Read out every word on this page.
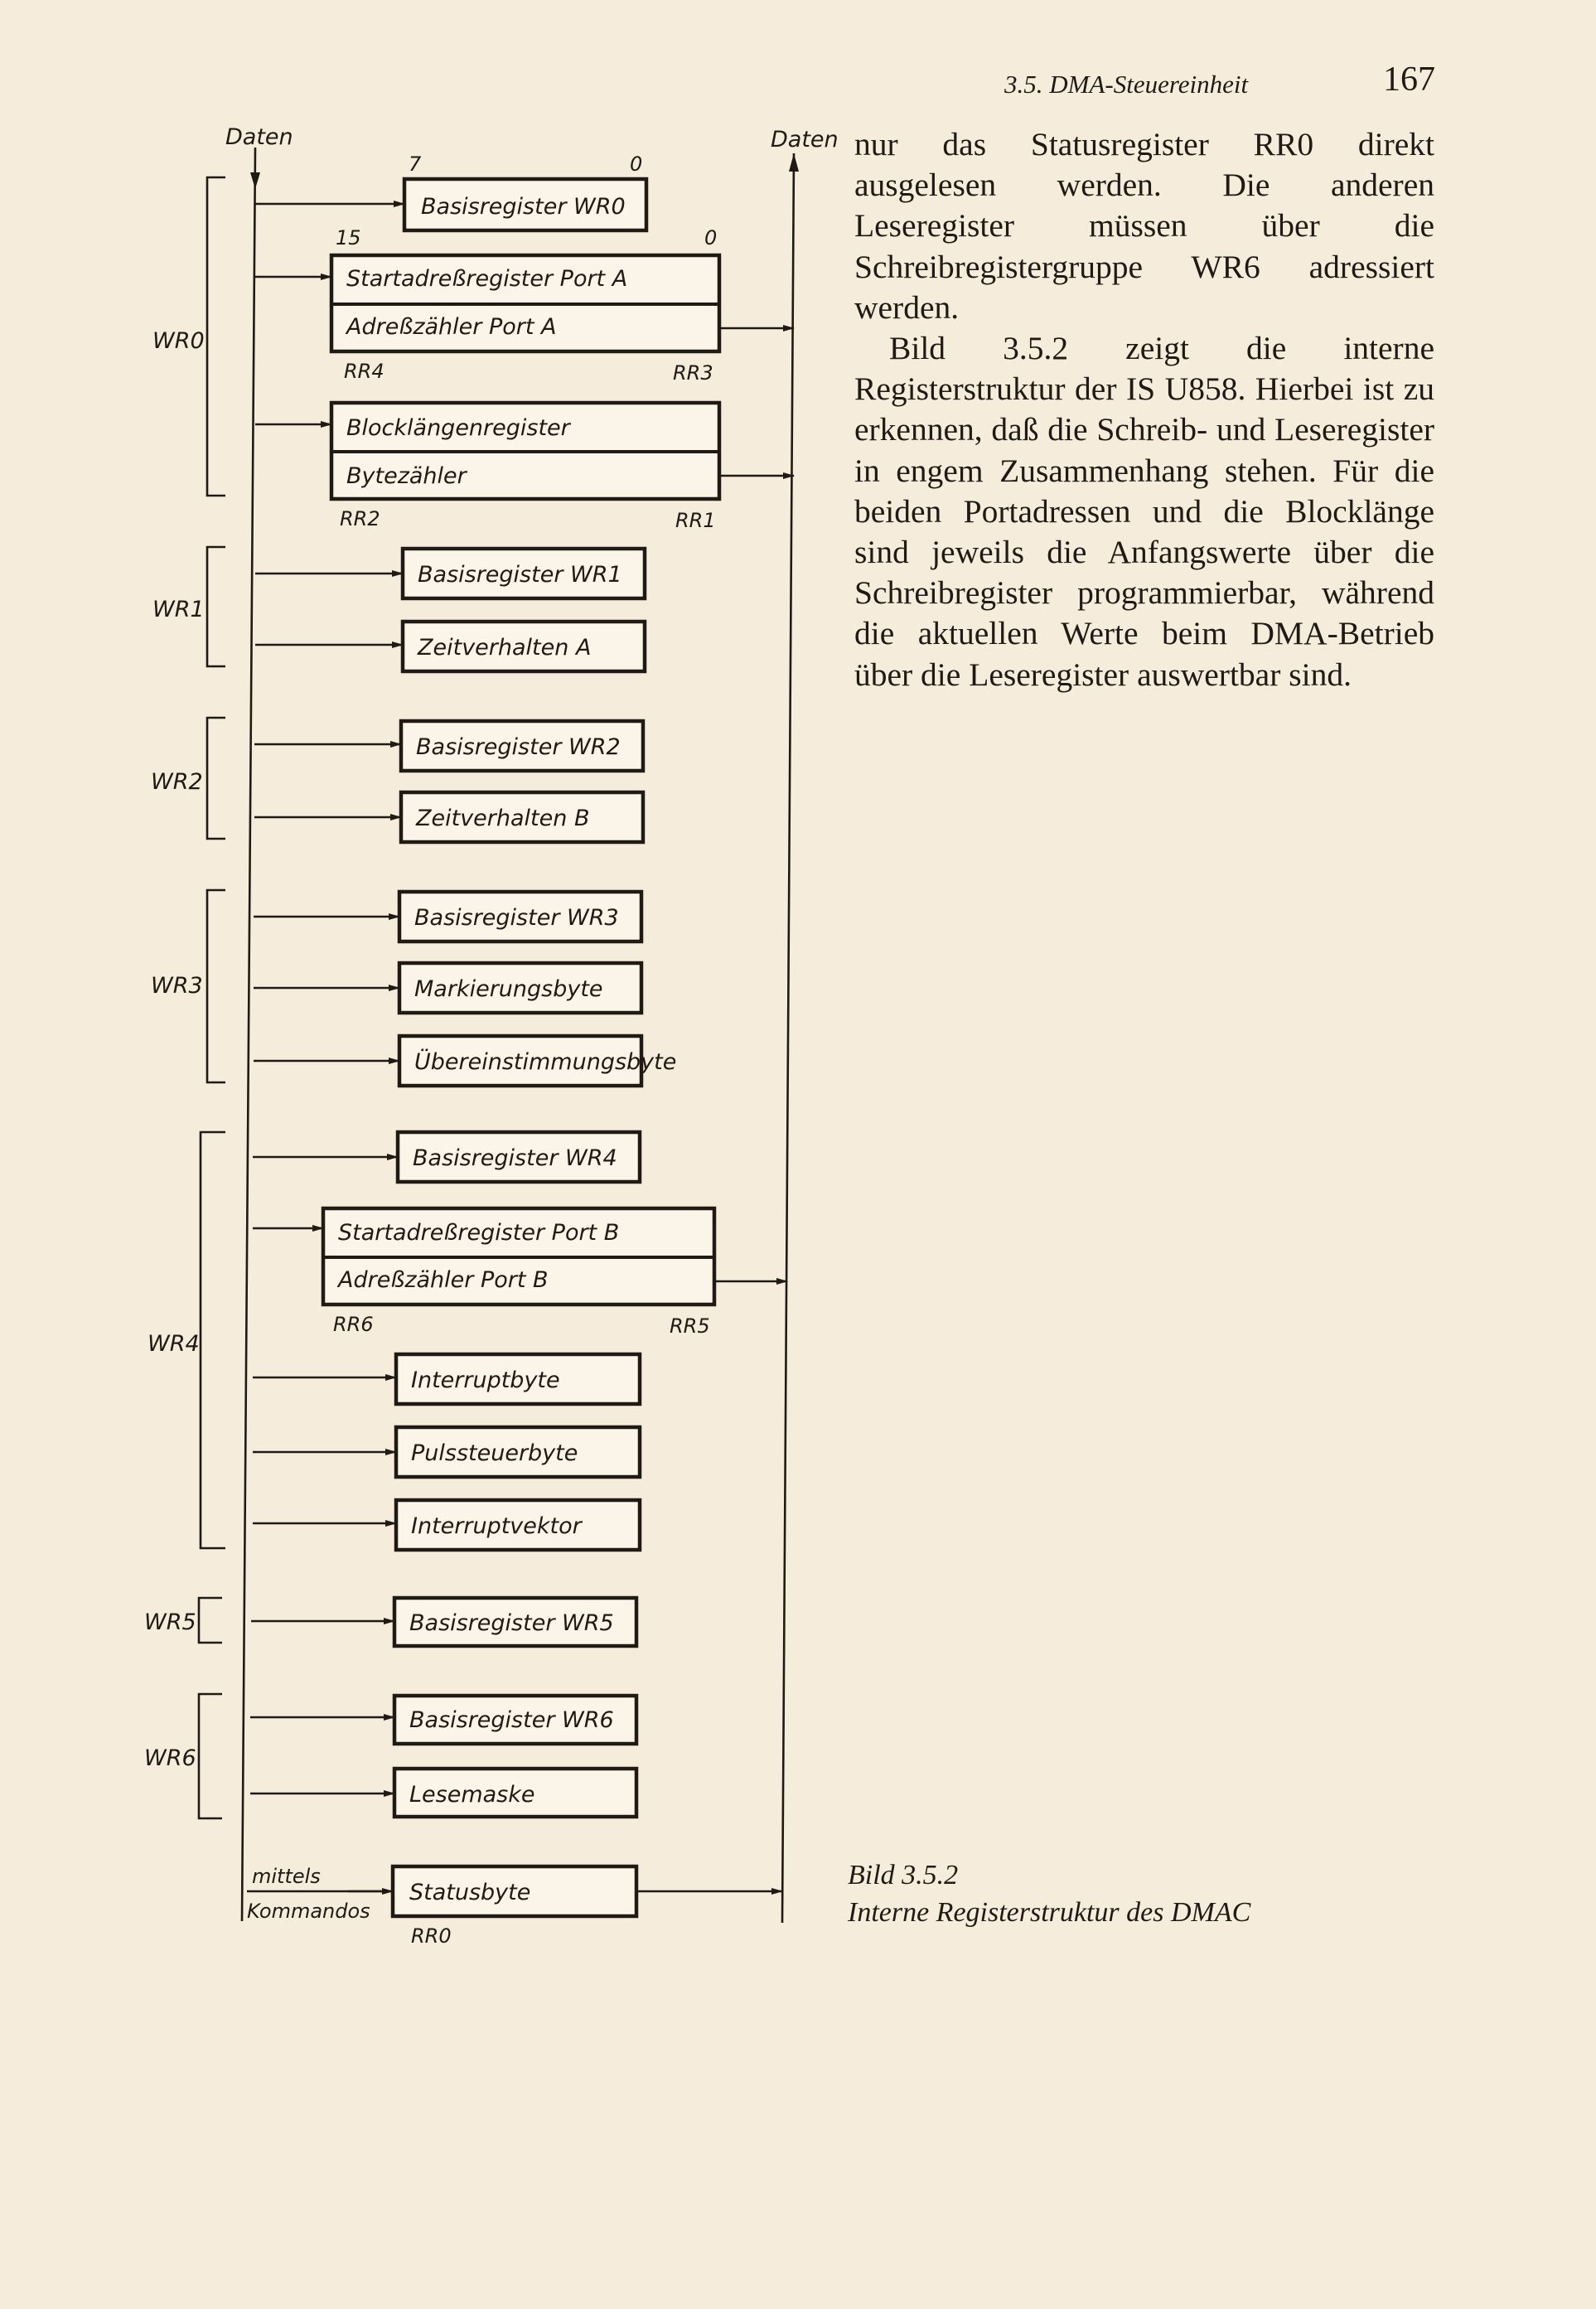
3.5. DMA-Steuereinheit	167

nur das Statusregister RR0 direkt ausgelesen werden. Die anderen Leseregister müssen über die Schreibregistergruppe WR6 adressiert werden.

Bild 3.5.2 zeigt die interne Registerstruktur der IS U858. Hierbei ist zu erkennen, daß die Schreib- und Leseregister in engem Zusammenhang stehen. Für die beiden Portadressen und die Blocklänge sind jeweils die Anfangswerte über die Schreibregister programmierbar, während die aktuellen Werte beim DMA-Betrieb über die Leseregister auswertbar sind.

Bild 3.5.2
Interne Registerstruktur des DMAC
Daten	Daten
WR0
7	0
Basisregister WR0
15	0
Startadreßregister Port A
Adreßzähler Port A
RR4	RR3
Blocklängenregister
Bytezähler
RR2	RR1
WR1
Basisregister WR1
Zeitverhalten A
WR2
Basisregister WR2
Zeitverhalten B
WR3
Basisregister WR3
Markierungsbyte
Übereinstimmungsbyte
WR4
Basisregister WR4
Startadreßregister Port B
Adreßzähler Port B
RR6	RR5
Interruptbyte
Pulssteuerbyte
Interruptvektor
WR5	Basisregister WR5
WR6
Basisregister WR6
Lesemaske
mittels
Kommandos
Statusbyte
RR0
